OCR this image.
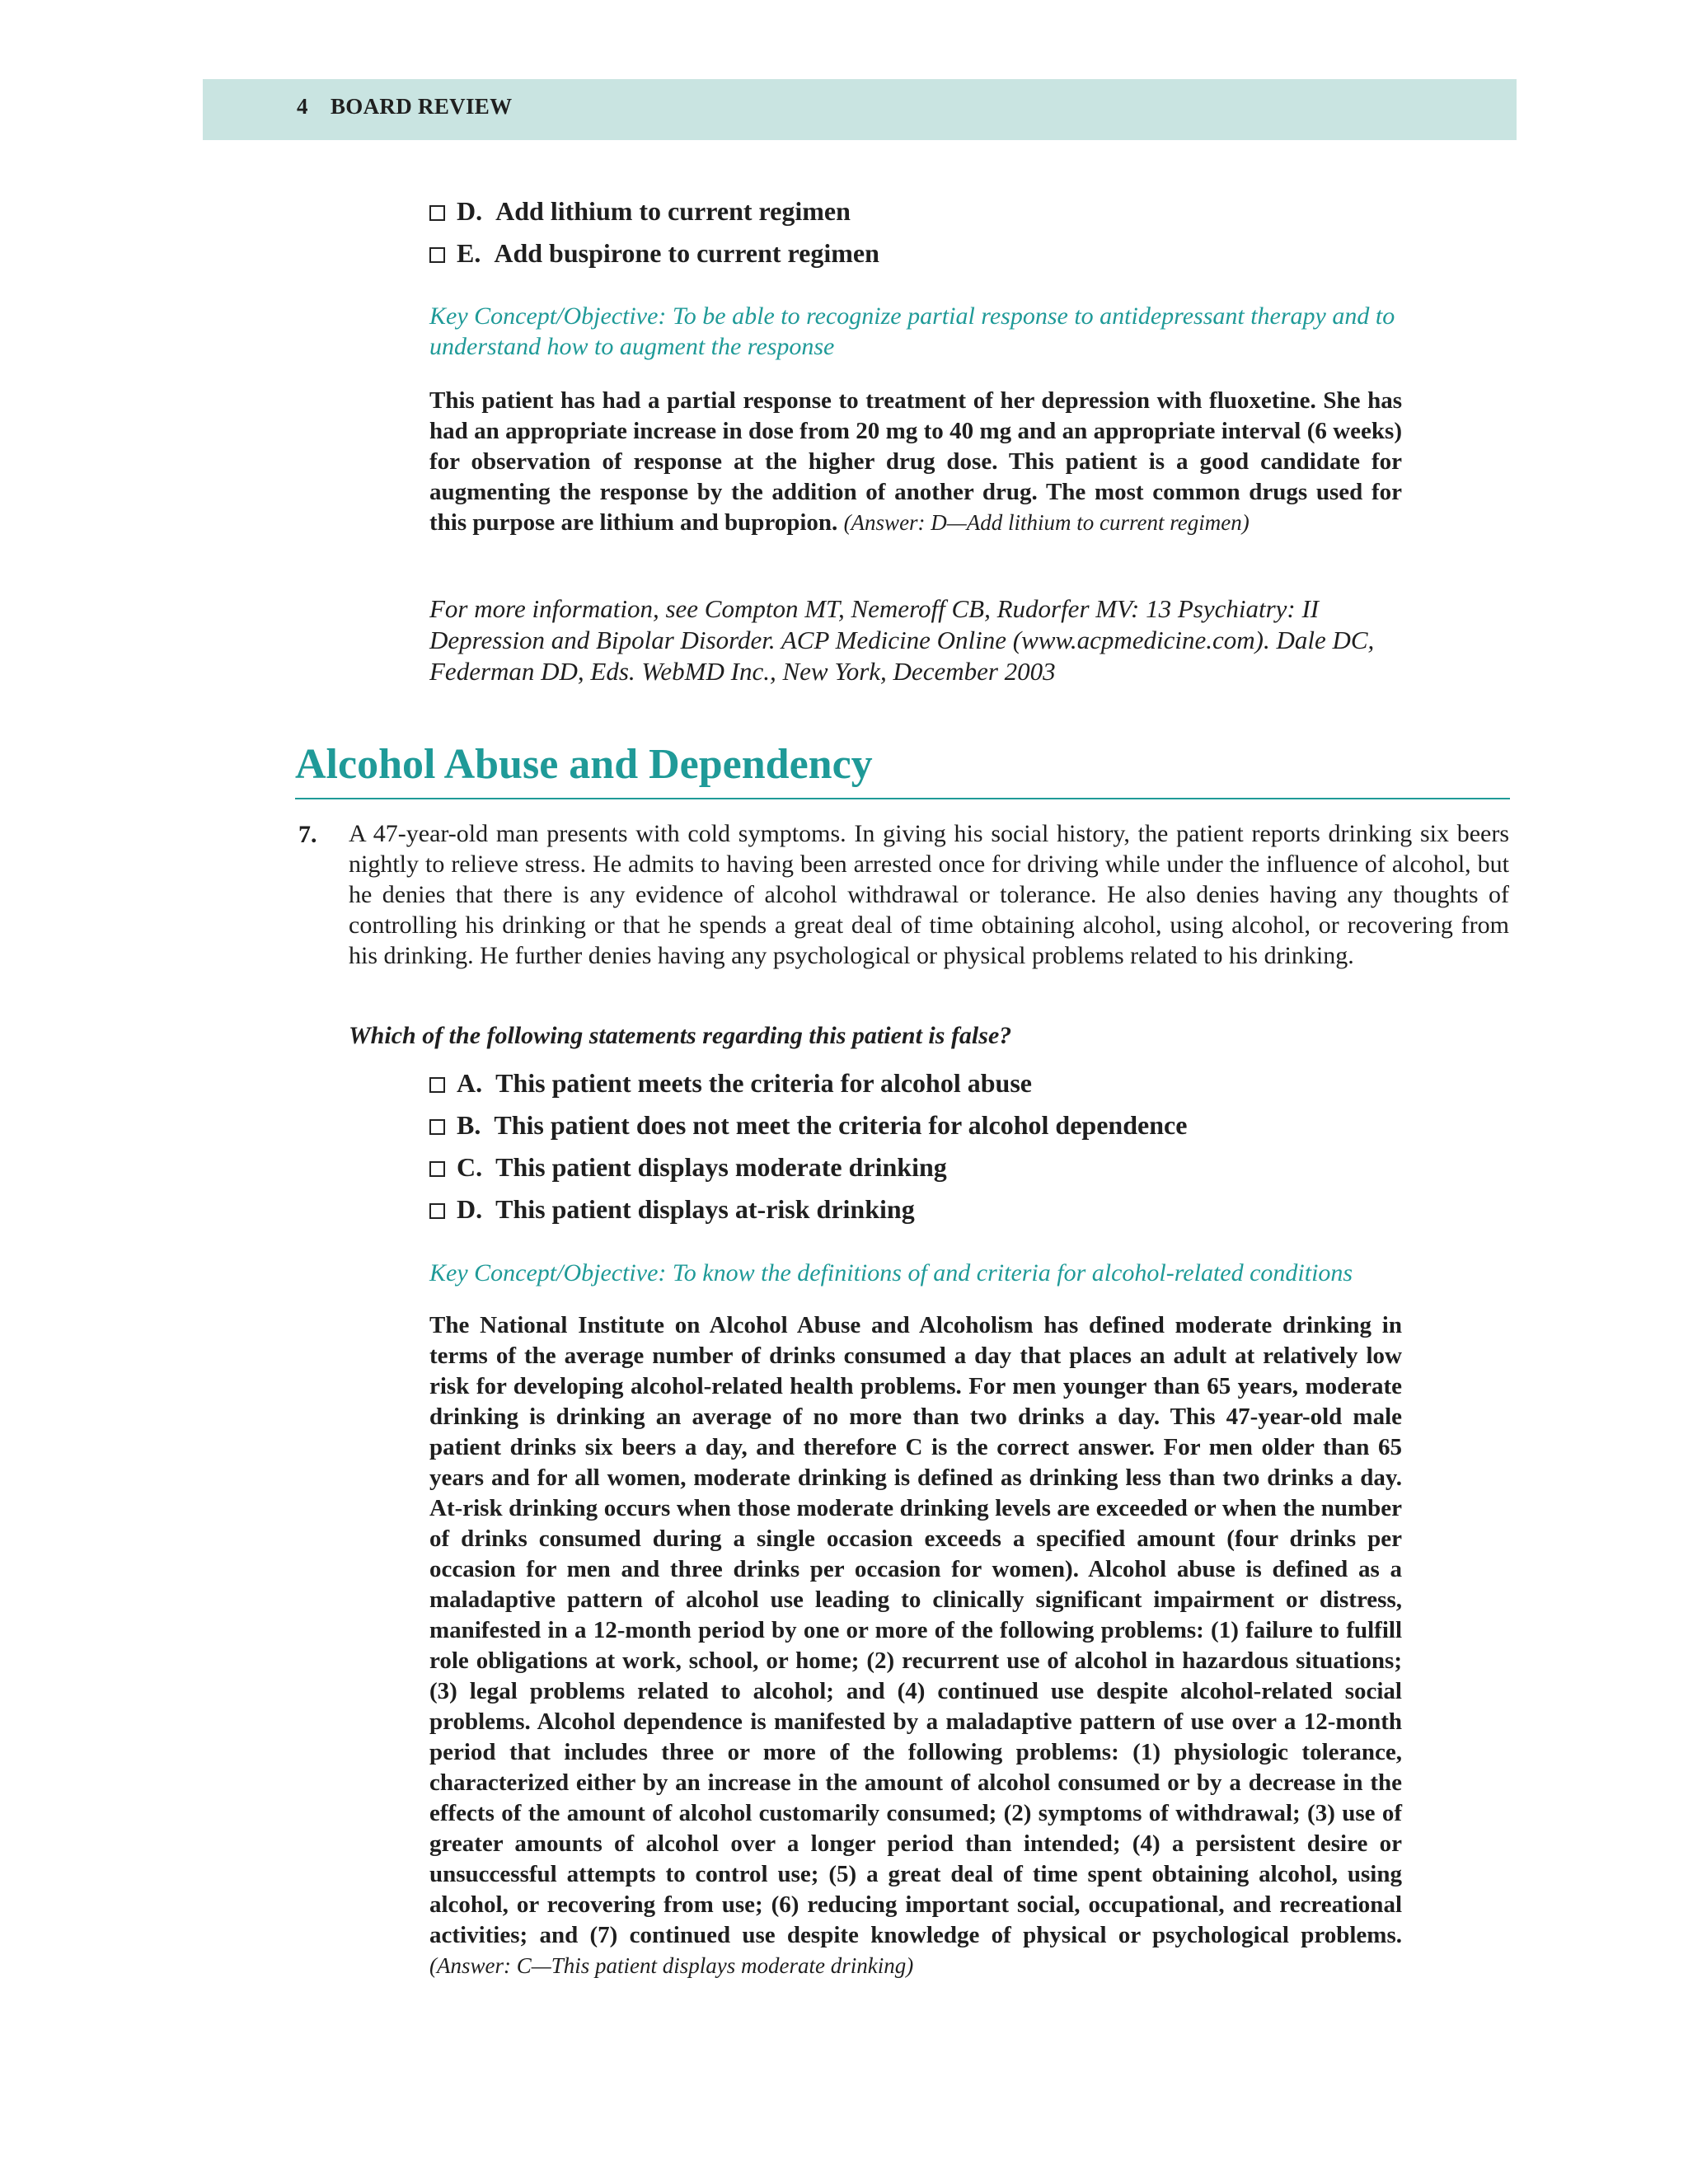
4 BOARD REVIEW
D. Add lithium to current regimen
E. Add buspirone to current regimen
Key Concept/Objective: To be able to recognize partial response to antidepressant therapy and to understand how to augment the response
This patient has had a partial response to treatment of her depression with fluoxetine. She has had an appropriate increase in dose from 20 mg to 40 mg and an appropriate interval (6 weeks) for observation of response at the higher drug dose. This patient is a good candidate for augmenting the response by the addition of another drug. The most common drugs used for this purpose are lithium and bupropion. (Answer: D—Add lithium to current regimen)
For more information, see Compton MT, Nemeroff CB, Rudorfer MV: 13 Psychiatry: II Depression and Bipolar Disorder. ACP Medicine Online (www.acpmedicine.com). Dale DC, Federman DD, Eds. WebMD Inc., New York, December 2003
Alcohol Abuse and Dependency
7. A 47-year-old man presents with cold symptoms. In giving his social history, the patient reports drinking six beers nightly to relieve stress. He admits to having been arrested once for driving while under the influence of alcohol, but he denies that there is any evidence of alcohol withdrawal or tolerance. He also denies having any thoughts of controlling his drinking or that he spends a great deal of time obtaining alcohol, using alcohol, or recovering from his drinking. He further denies having any psychological or physical problems related to his drinking.
Which of the following statements regarding this patient is false?
A. This patient meets the criteria for alcohol abuse
B. This patient does not meet the criteria for alcohol dependence
C. This patient displays moderate drinking
D. This patient displays at-risk drinking
Key Concept/Objective: To know the definitions of and criteria for alcohol-related conditions
The National Institute on Alcohol Abuse and Alcoholism has defined moderate drinking in terms of the average number of drinks consumed a day that places an adult at relatively low risk for developing alcohol-related health problems. For men younger than 65 years, moderate drinking is drinking an average of no more than two drinks a day. This 47-year-old male patient drinks six beers a day, and therefore C is the correct answer. For men older than 65 years and for all women, moderate drinking is defined as drinking less than two drinks a day. At-risk drinking occurs when those moderate drinking levels are exceeded or when the number of drinks consumed during a single occasion exceeds a specified amount (four drinks per occasion for men and three drinks per occasion for women). Alcohol abuse is defined as a maladaptive pattern of alcohol use leading to clinically significant impairment or distress, manifested in a 12-month period by one or more of the following problems: (1) failure to fulfill role obligations at work, school, or home; (2) recurrent use of alcohol in hazardous situations; (3) legal problems related to alcohol; and (4) continued use despite alcohol-related social problems. Alcohol dependence is manifested by a maladaptive pattern of use over a 12-month period that includes three or more of the following problems: (1) physiologic tolerance, characterized either by an increase in the amount of alcohol consumed or by a decrease in the effects of the amount of alcohol customarily consumed; (2) symptoms of withdrawal; (3) use of greater amounts of alcohol over a longer period than intended; (4) a persistent desire or unsuccessful attempts to control use; (5) a great deal of time spent obtaining alcohol, using alcohol, or recovering from use; (6) reducing important social, occupational, and recreational activities; and (7) continued use despite knowledge of physical or psychological problems. (Answer: C—This patient displays moderate drinking)
